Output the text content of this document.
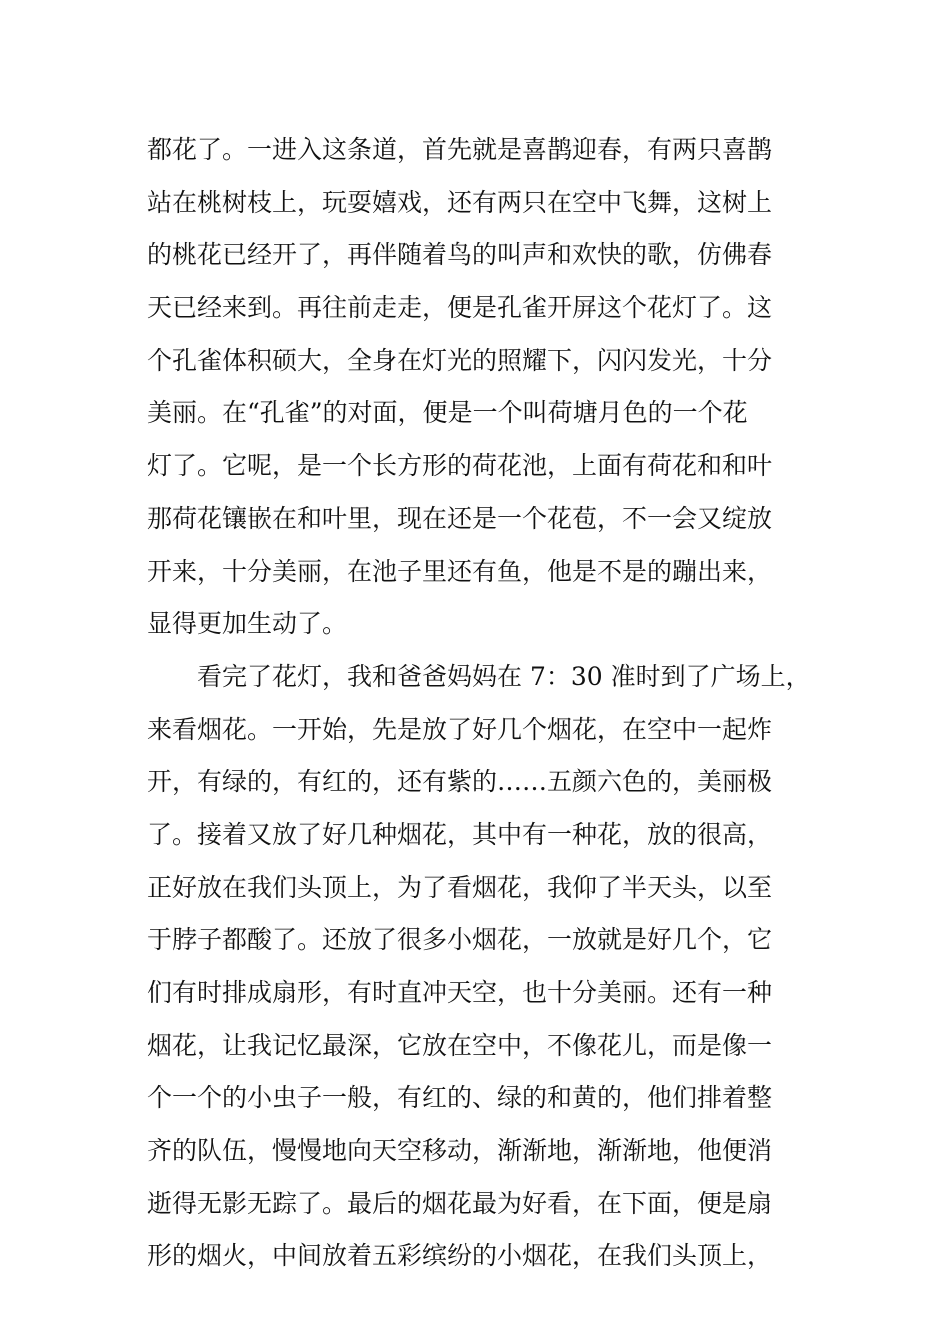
都花了。一进入这条道，首先就是喜鹊迎春，有两只喜鹊
站在桃树枝上，玩耍嬉戏，还有两只在空中飞舞，这树上
的桃花已经开了，再伴随着鸟的叫声和欢快的歌，仿佛春
天已经来到。再往前走走，便是孔雀开屏这个花灯了。这
个孔雀体积硕大，全身在灯光的照耀下，闪闪发光，十分
美丽。在“孔雀”的对面，便是一个叫荷塘月色的一个花
灯了。它呢，是一个长方形的荷花池，上面有荷花和和叶
那荷花镶嵌在和叶里，现在还是一个花苞，不一会又绽放
开来，十分美丽，在池子里还有鱼，他是不是的蹦出来，
显得更加生动了。
看完了花灯，我和爸爸妈妈在 7：30 准时到了广场上，
来看烟花。一开始，先是放了好几个烟花，在空中一起炸
开，有绿的，有红的，还有紫的……五颜六色的，美丽极
了。接着又放了好几种烟花，其中有一种花，放的很高，
正好放在我们头顶上，为了看烟花，我仰了半天头，以至
于脖子都酸了。还放了很多小烟花，一放就是好几个，它
们有时排成扇形，有时直冲天空，也十分美丽。还有一种
烟花，让我记忆最深，它放在空中，不像花儿，而是像一
个一个的小虫子一般，有红的、绿的和黄的，他们排着整
齐的队伍，慢慢地向天空移动，渐渐地，渐渐地，他便消
逝得无影无踪了。最后的烟花最为好看，在下面，便是扇
形的烟火，中间放着五彩缤纷的小烟花，在我们头顶上，
